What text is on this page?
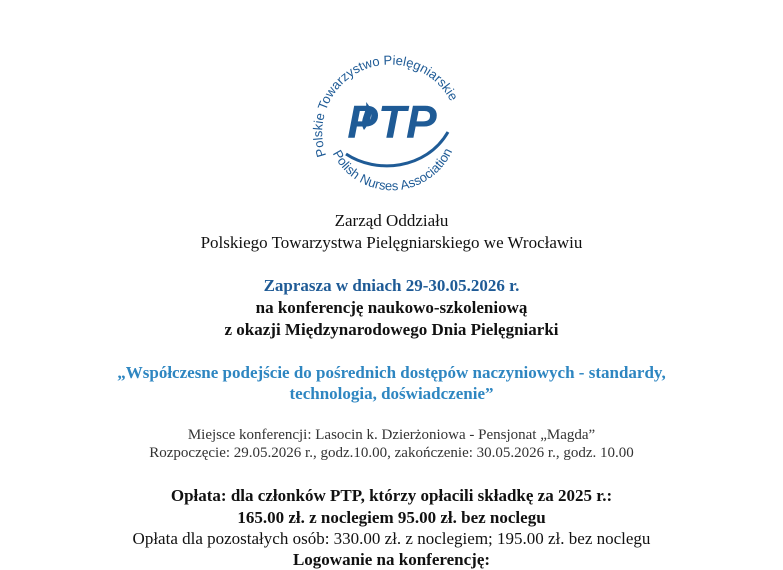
Polskie Towarzystwo Pielęgniarskie
Polish Nurses Association
PTP
Zarząd Oddziału
Polskiego Towarzystwa Pielęgniarskiego we Wrocławiu
Zaprasza w dniach 29-30.05.2026 r.
na konferencję naukowo-szkoleniową
z okazji Międzynarodowego Dnia Pielęgniarki
„Współczesne podejście do pośrednich dostępów naczyniowych - standardy,
technologia, doświadczenie”
Miejsce konferencji: Lasocin k. Dzierżoniowa - Pensjonat „Magda”
Rozpoczęcie: 29.05.2026 r., godz.10.00, zakończenie: 30.05.2026 r., godz. 10.00
Opłata: dla członków PTP, którzy opłacili składkę za 2025 r.:
165.00 zł. z noclegiem 95.00 zł. bez noclegu
Opłata dla pozostałych osób: 330.00 zł. z noclegiem; 195.00 zł. bez noclegu
Logowanie na konferencję:
